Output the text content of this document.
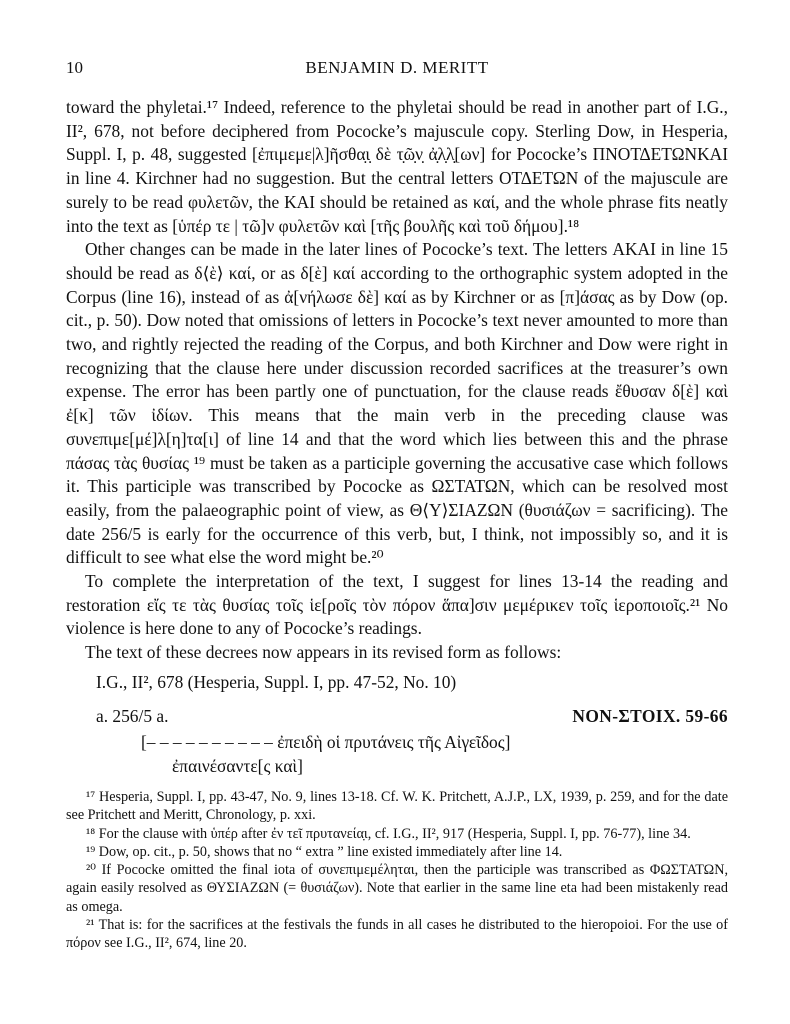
10	BENJAMIN D. MERITT

toward the phyletai.¹⁷ Indeed, reference to the phyletai should be read in another part of I.G., II², 678, not before deciphered from Pococke’s majuscule copy. Sterling Dow, in Hesperia, Suppl. I, p. 48, suggested [ἐπιμεμε|λ]ῆσθα̣ι̣ δὲ τ̣ῶ̣ν̣ ἀ̣λ̣λ̣[ων] for Pococke’s ΠΝΟΤΔΕΤΩΝΚΑΙ in line 4. Kirchner had no suggestion. But the central letters ΟΤΔΕΤΩΝ of the majuscule are surely to be read φυλετῶν, the ΚΑΙ should be retained as καί, and the whole phrase fits neatly into the text as [ὑπέρ τε | τῶ]ν φυλετῶν καὶ [τῆς βουλῆς καὶ τοῦ δήμου].¹⁸

Other changes can be made in the later lines of Pococke’s text. The letters ΑΚΑΙ in line 15 should be read as δ⟨ὲ⟩ καί, or as δ[ὲ] καί according to the orthographic system adopted in the Corpus (line 16), instead of as ἀ[νήλωσε δὲ] καί as by Kirchner or as [π]άσας as by Dow (op. cit., p. 50). Dow noted that omissions of letters in Pococke’s text never amounted to more than two, and rightly rejected the reading of the Corpus, and both Kirchner and Dow were right in recognizing that the clause here under discussion recorded sacrifices at the treasurer’s own expense. The error has been partly one of punctuation, for the clause reads ἔθυσαν δ[ὲ] καὶ ἐ[κ] τῶν ἰδίων. This means that the main verb in the preceding clause was συνεπιμε[μέ]λ[η]τα[ι] of line 14 and that the word which lies between this and the phrase πάσας τὰς θυσίας ¹⁹ must be taken as a participle governing the accusative case which follows it. This participle was transcribed by Pococke as ΩΣΤΑΤΩΝ, which can be resolved most easily, from the palaeographic point of view, as Θ⟨Υ⟩ΣΙΑΖΩΝ (θυσιάζων = sacrificing). The date 256/5 is early for the occurrence of this verb, but, I think, not impossibly so, and it is difficult to see what else the word might be.²⁰

To complete the interpretation of the text, I suggest for lines 13-14 the reading and restoration εἴς τε τὰς θυσίας τοῖς ἱε[ροῖς τὸν πόρον ἅπα]σιν μεμέρικεν τοῖς ἱεροποιοῖς.²¹ No violence is here done to any of Pococke’s readings.

The text of these decrees now appears in its revised form as follows:

I.G., II², 678 (Hesperia, Suppl. I, pp. 47-52, No. 10)
a. 256/5 a.	NON-ΣΤΟΙΧ. 59-66
[– – – – – – – – – – ἐπειδὴ οἱ πρυτάνεις τῆς Αἰγεῖδος]
ἐπαινέσαντε[ς καὶ]

¹⁷ Hesperia, Suppl. I, pp. 43-47, No. 9, lines 13-18. Cf. W. K. Pritchett, A.J.P., LX, 1939, p. 259, and for the date see Pritchett and Meritt, Chronology, p. xxi.

¹⁸ For the clause with ὑπέρ after ἐν τεῖ πρυτανεία̣ι, cf. I.G., II², 917 (Hesperia, Suppl. I, pp. 76-77), line 34.

¹⁹ Dow, op. cit., p. 50, shows that no “ extra ” line existed immediately after line 14.

²⁰ If Pococke omitted the final iota of συνεπιμεμέληται, then the participle was transcribed as ΦΩΣΤΑΤΩΝ, again easily resolved as ΘΥΣΙΑΖΩΝ (= θυσιάζων). Note that earlier in the same line eta had been mistakenly read as omega.

²¹ That is: for the sacrifices at the festivals the funds in all cases he distributed to the hieropoioi. For the use of πόρον see I.G., II², 674, line 20.
